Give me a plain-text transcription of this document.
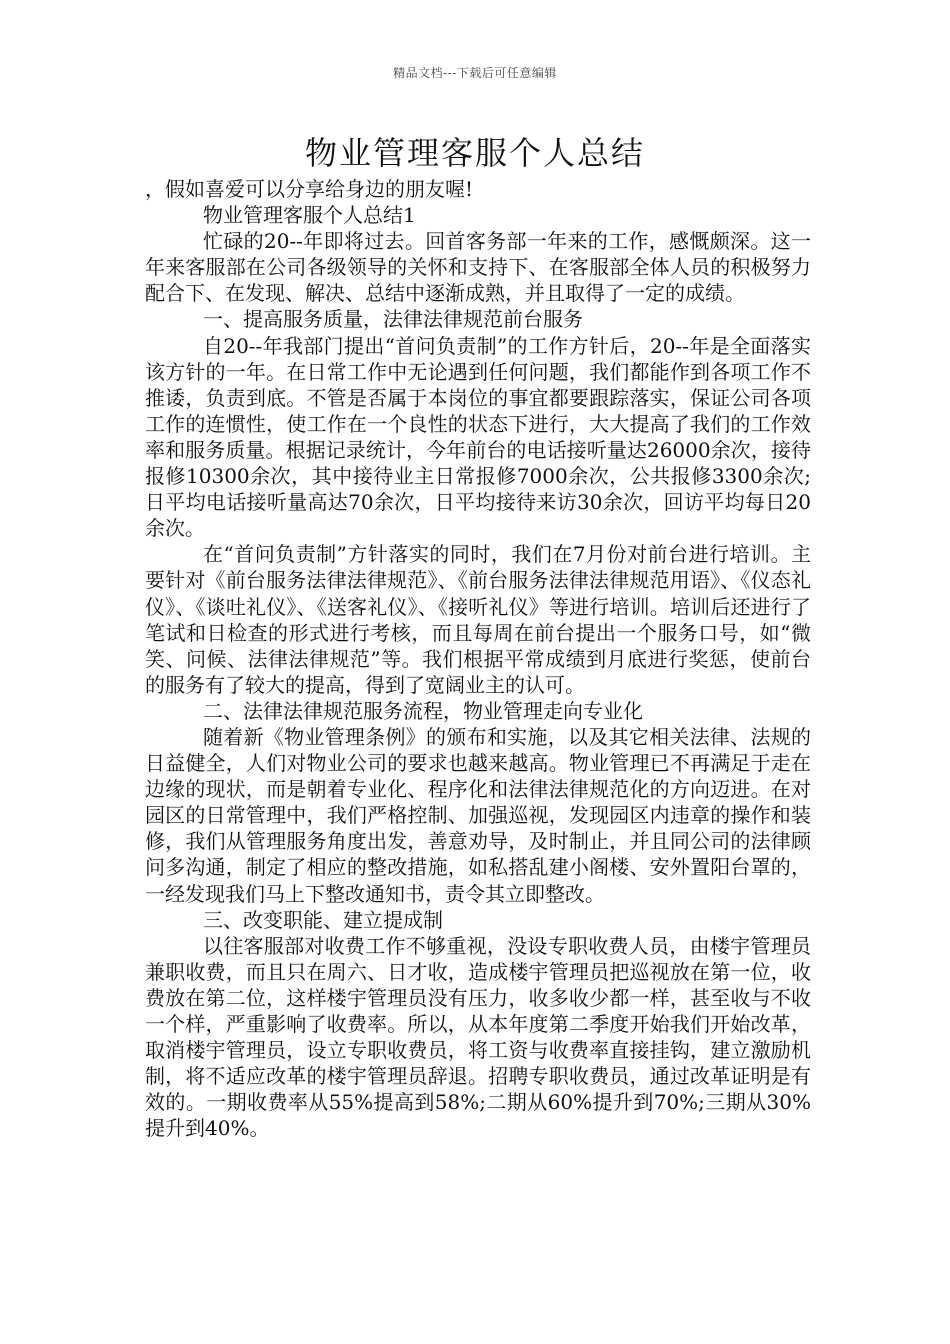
精品文档---下载后可任意编辑
物业管理客服个人总结

，假如喜爱可以分享给身边的朋友喔!

物业管理客服个人总结1

忙碌的20--年即将过去。回首客务部一年来的工作，感慨颇深。这一年来客服部在公司各级领导的关怀和支持下、在客服部全体人员的积极努力配合下、在发现、解决、总结中逐渐成熟，并且取得了一定的成绩。

一、提高服务质量，法律法律规范前台服务

自20--年我部门提出“首问负责制”的工作方针后，20--年是全面落实该方针的一年。在日常工作中无论遇到任何问题，我们都能作到各项工作不推诿，负责到底。不管是否属于本岗位的事宜都要跟踪落实，保证公司各项工作的连惯性，使工作在一个良性的状态下进行，大大提高了我们的工作效率和服务质量。根据记录统计，今年前台的电话接听量达26000余次，接待报修10300余次，其中接待业主日常报修7000余次，公共报修3300余次;日平均电话接听量高达70余次，日平均接待来访30余次，回访平均每日20余次。

在“首问负责制”方针落实的同时，我们在7月份对前台进行培训。主要针对《前台服务法律法律规范》、《前台服务法律法律规范用语》、《仪态礼仪》、《谈吐礼仪》、《送客礼仪》、《接听礼仪》等进行培训。培训后还进行了笔试和日检查的形式进行考核，而且每周在前台提出一个服务口号，如“微笑、问候、法律法律规范”等。我们根据平常成绩到月底进行奖惩，使前台的服务有了较大的提高，得到了宽阔业主的认可。

二、法律法律规范服务流程，物业管理走向专业化

随着新《物业管理条例》的颁布和实施，以及其它相关法律、法规的日益健全，人们对物业公司的要求也越来越高。物业管理已不再满足于走在边缘的现状，而是朝着专业化、程序化和法律法律规范化的方向迈进。在对园区的日常管理中，我们严格控制、加强巡视，发现园区内违章的操作和装修，我们从管理服务角度出发，善意劝导，及时制止，并且同公司的法律顾问多沟通，制定了相应的整改措施，如私搭乱建小阁楼、安外置阳台罩的，一经发现我们马上下整改通知书，责令其立即整改。

三、改变职能、建立提成制

以往客服部对收费工作不够重视，没设专职收费人员，由楼宇管理员兼职收费，而且只在周六、日才收，造成楼宇管理员把巡视放在第一位，收费放在第二位，这样楼宇管理员没有压力，收多收少都一样，甚至收与不收一个样，严重影响了收费率。所以，从本年度第二季度开始我们开始改革，取消楼宇管理员，设立专职收费员，将工资与收费率直接挂钩，建立激励机制，将不适应改革的楼宇管理员辞退。招聘专职收费员，通过改革证明是有效的。一期收费率从55%提高到58%;二期从60%提升到70%;三期从30%提升到40%。
